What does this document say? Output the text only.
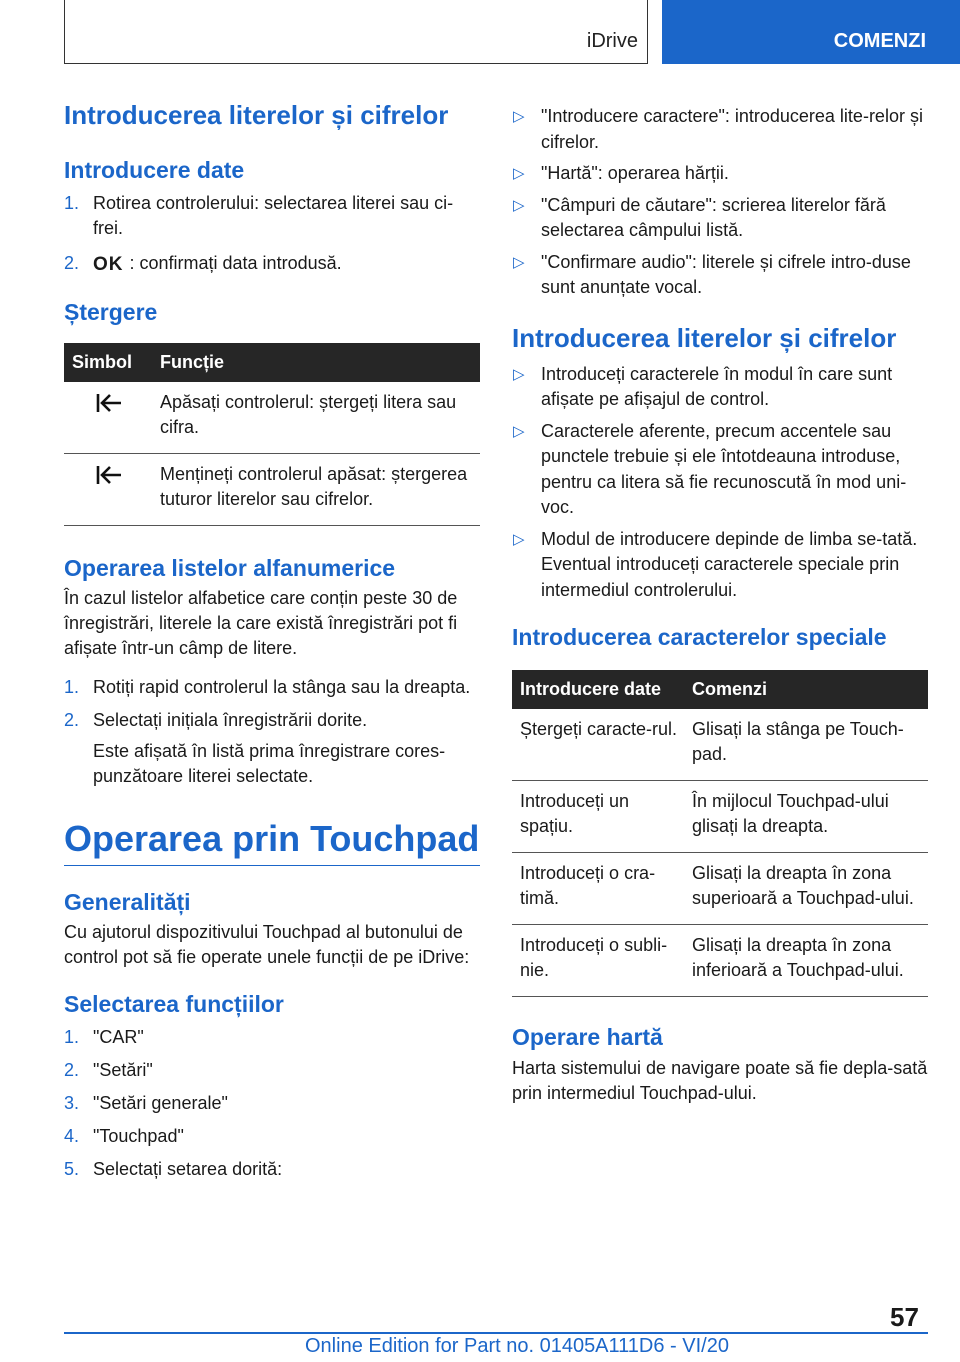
iDrive	COMENZI
Introducerea literelor și cifrelor
Introducere date
1. Rotirea controlerului: selectarea literei sau ci-frei.
2. OK : confirmați data introdusă.
Ștergere
Simbol	Funcție
	Apăsați controlerul: ștergeți litera sau cifra.
	Mențineți controlerul apăsat: ștergerea tuturor literelor sau cifrelor.
Operarea listelor alfanumerice

În cazul listelor alfabetice care conțin peste 30 de înregistrări, literele la care există înregistrări pot fi afișate într-un câmp de litere.

1. Rotiți rapid controlerul la stânga sau la dreapta.
2. Selectați inițiala înregistrării dorite.
Este afișată în listă prima înregistrare cores-punzătoare literei selectate.
Operarea prin Touchpad
Generalități

Cu ajutorul dispozitivului Touchpad al butonului de control pot să fie operate unele funcții de pe iDrive:

Selectarea funcțiilor
1. "CAR"
2. "Setări"
3. "Setări generale"
4. "Touchpad"
5. Selectați setarea dorită:
▷ "Introducere caractere": introducerea lite-relor și cifrelor.
▷ "Hartă": operarea hărții.
▷ "Câmpuri de căutare": scrierea literelor fără selectarea câmpului listă.
▷ "Confirmare audio": literele și cifrele intro-duse sunt anunțate vocal.
Introducerea literelor și cifrelor
▷ Introduceți caracterele în modul în care sunt afișate pe afișajul de control.
▷ Caracterele aferente, precum accentele sau punctele trebuie și ele întotdeauna introduse, pentru ca litera să fie recunoscută în mod uni-voc.
▷ Modul de introducere depinde de limba se-tată. Eventual introduceți caracterele speciale prin intermediul controlerului.
Introducerea caracterelor speciale
Introducere date	Comenzi
Ștergeți caracte-rul.	Glisați la stânga pe Touch-pad.
Introduceți un spațiu.	În mijlocul Touchpad-ului glisați la dreapta.
Introduceți o cra-timă.	Glisați la dreapta în zona superioară a Touchpad-ului.
Introduceți o subli-nie.	Glisați la dreapta în zona inferioară a Touchpad-ului.
Operare hartă

Harta sistemului de navigare poate să fie depla-sată prin intermediul Touchpad-ului.

57
Online Edition for Part no. 01405A111D6 - VI/20
